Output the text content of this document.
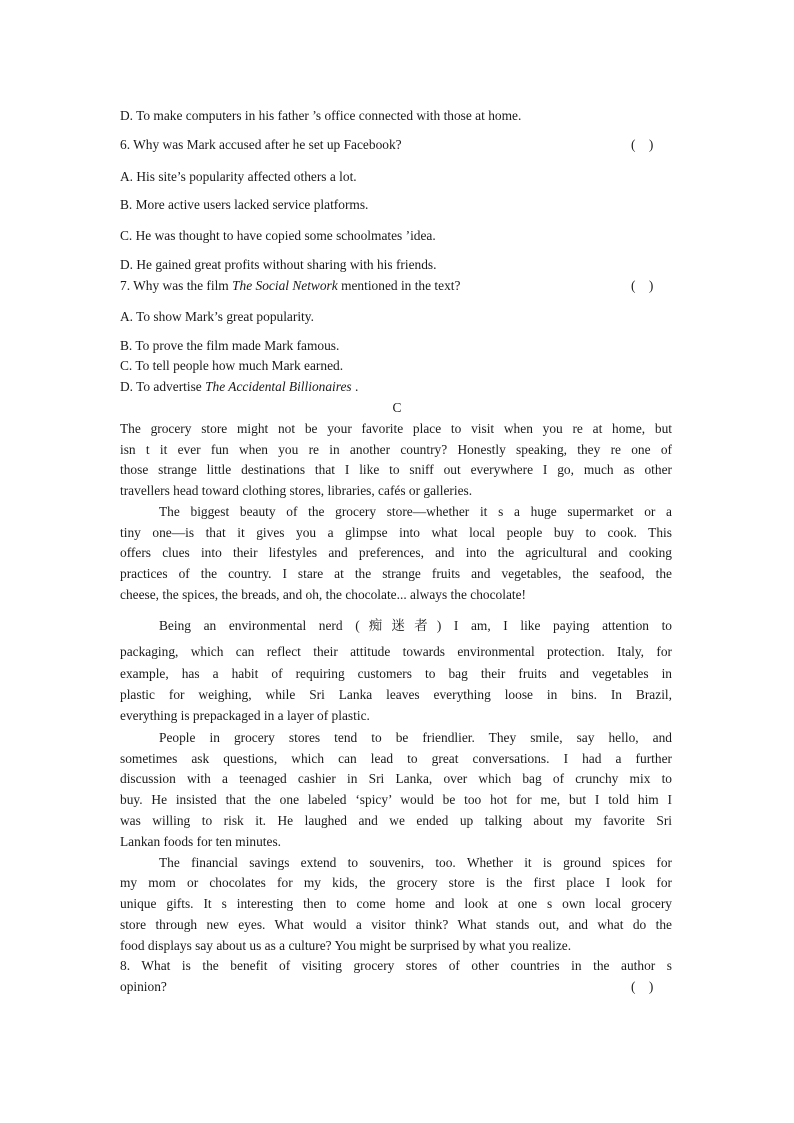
D. To make computers in his father ’s office connected with those at home.
6. Why was Mark accused after he set up Facebook?	(    )
A. His site’s popularity affected others a lot.
B. More active users lacked service platforms.
C. He was thought to have copied some schoolmates ’idea.
D. He gained great profits without sharing with his friends.
7. Why was the film The Social Network mentioned in the text?	(    )
A. To show Mark’s great popularity.
B. To prove the film made Mark famous.
C. To tell people how much Mark earned.
D. To advertise The Accidental Billionaires .
C
The grocery store might not be your favorite place to visit when you re at home, but
isn t it ever fun when you re in another country? Honestly speaking, they re one of
those strange little destinations that I like to sniff out everywhere I go, much as other
travellers head toward clothing stores, libraries, cafés or galleries.
The biggest beauty of the grocery store—whether it s a huge supermarket or a
tiny one—is that it gives you a glimpse into what local people buy to cook. This
offers clues into their lifestyles and preferences, and into the agricultural and cooking
practices of the country. I stare at the strange fruits and vegetables, the seafood, the
cheese, the spices, the breads, and oh, the chocolate... always the chocolate!
Being an environmental nerd (痴迷者) I am, I like paying attention to
packaging, which can reflect their attitude towards environmental protection. Italy, for
example, has a habit of requiring customers to bag their fruits and vegetables in
plastic for weighing, while Sri Lanka leaves everything loose in bins. In Brazil,
everything is prepackaged in a layer of plastic.
People in grocery stores tend to be friendlier. They smile, say hello, and
sometimes ask questions, which can lead to great conversations. I had a further
discussion with a teenaged cashier in Sri Lanka, over which bag of crunchy mix to
buy. He insisted that the one labeled ‘spicy’ would be too hot for me, but I told him I
was willing to risk it. He laughed and we ended up talking about my favorite Sri
Lankan foods for ten minutes.
The financial savings extend to souvenirs, too. Whether it is ground spices for
my mom or chocolates for my kids, the grocery store is the first place I look for
unique gifts. It s interesting then to come home and look at one s own local grocery
store through new eyes. What would a visitor think? What stands out, and what do the
food displays say about us as a culture? You might be surprised by what you realize.
8. What is the benefit of visiting grocery stores of other countries in the author s
opinion?	(    )
